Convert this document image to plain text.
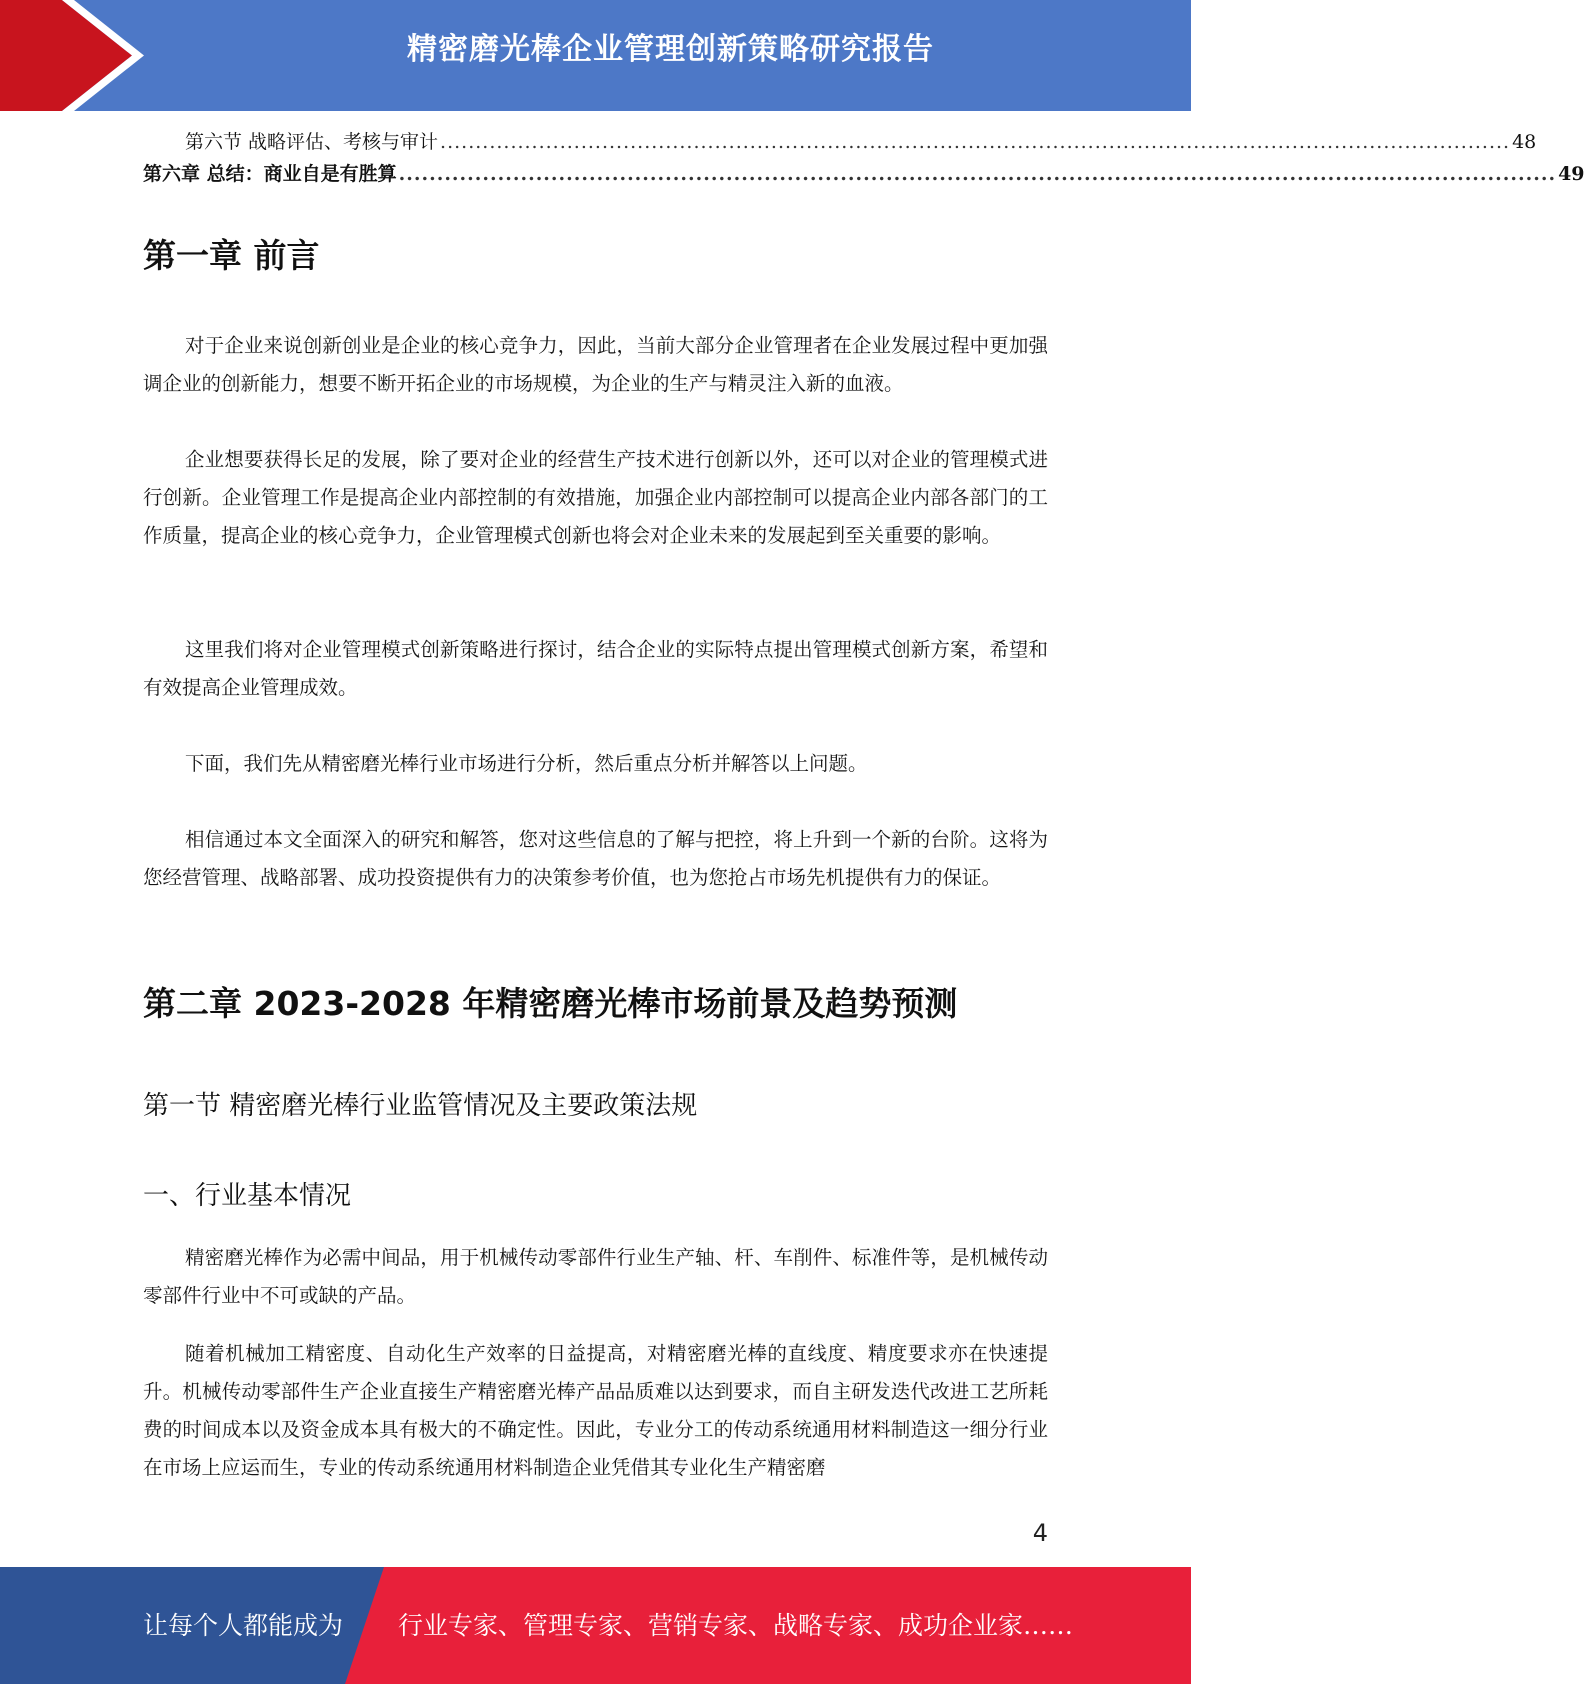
精密磨光棒企业管理创新策略研究报告
第六节 战略评估、考核与审计 ........................................................................................................................................................ 48
第六章 总结：商业自是有胜算 ........................................................................................................................................................ 49
第一章 前言

对于企业来说创新创业是企业的核心竞争力，因此，当前大部分企业管理者在企业发展过程中更加强调企业的创新能力，想要不断开拓企业的市场规模，为企业的生产与精灵注入新的血液。

企业想要获得长足的发展，除了要对企业的经营生产技术进行创新以外，还可以对企业的管理模式进行创新。企业管理工作是提高企业内部控制的有效措施，加强企业内部控制可以提高企业内部各部门的工作质量，提高企业的核心竞争力，企业管理模式创新也将会对企业未来的发展起到至关重要的影响。

这里我们将对企业管理模式创新策略进行探讨，结合企业的实际特点提出管理模式创新方案，希望和有效提高企业管理成效。

下面，我们先从精密磨光棒行业市场进行分析，然后重点分析并解答以上问题。

相信通过本文全面深入的研究和解答，您对这些信息的了解与把控，将上升到一个新的台阶。这将为您经营管理、战略部署、成功投资提供有力的决策参考价值，也为您抢占市场先机提供有力的保证。

第二章 2023-2028 年精密磨光棒市场前景及趋势预测
第一节 精密磨光棒行业监管情况及主要政策法规
一、行业基本情况

精密磨光棒作为必需中间品，用于机械传动零部件行业生产轴、杆、车削件、标准件等，是机械传动零部件行业中不可或缺的产品。

随着机械加工精密度、自动化生产效率的日益提高，对精密磨光棒的直线度、精度要求亦在快速提升。机械传动零部件生产企业直接生产精密磨光棒产品品质难以达到要求，而自主研发迭代改进工艺所耗费的时间成本以及资金成本具有极大的不确定性。因此，专业分工的传动系统通用材料制造这一细分行业在市场上应运而生，专业的传动系统通用材料制造企业凭借其专业化生产精密磨

4
让每个人都能成为 行业专家、管理专家、营销专家、战略专家、成功企业家……
